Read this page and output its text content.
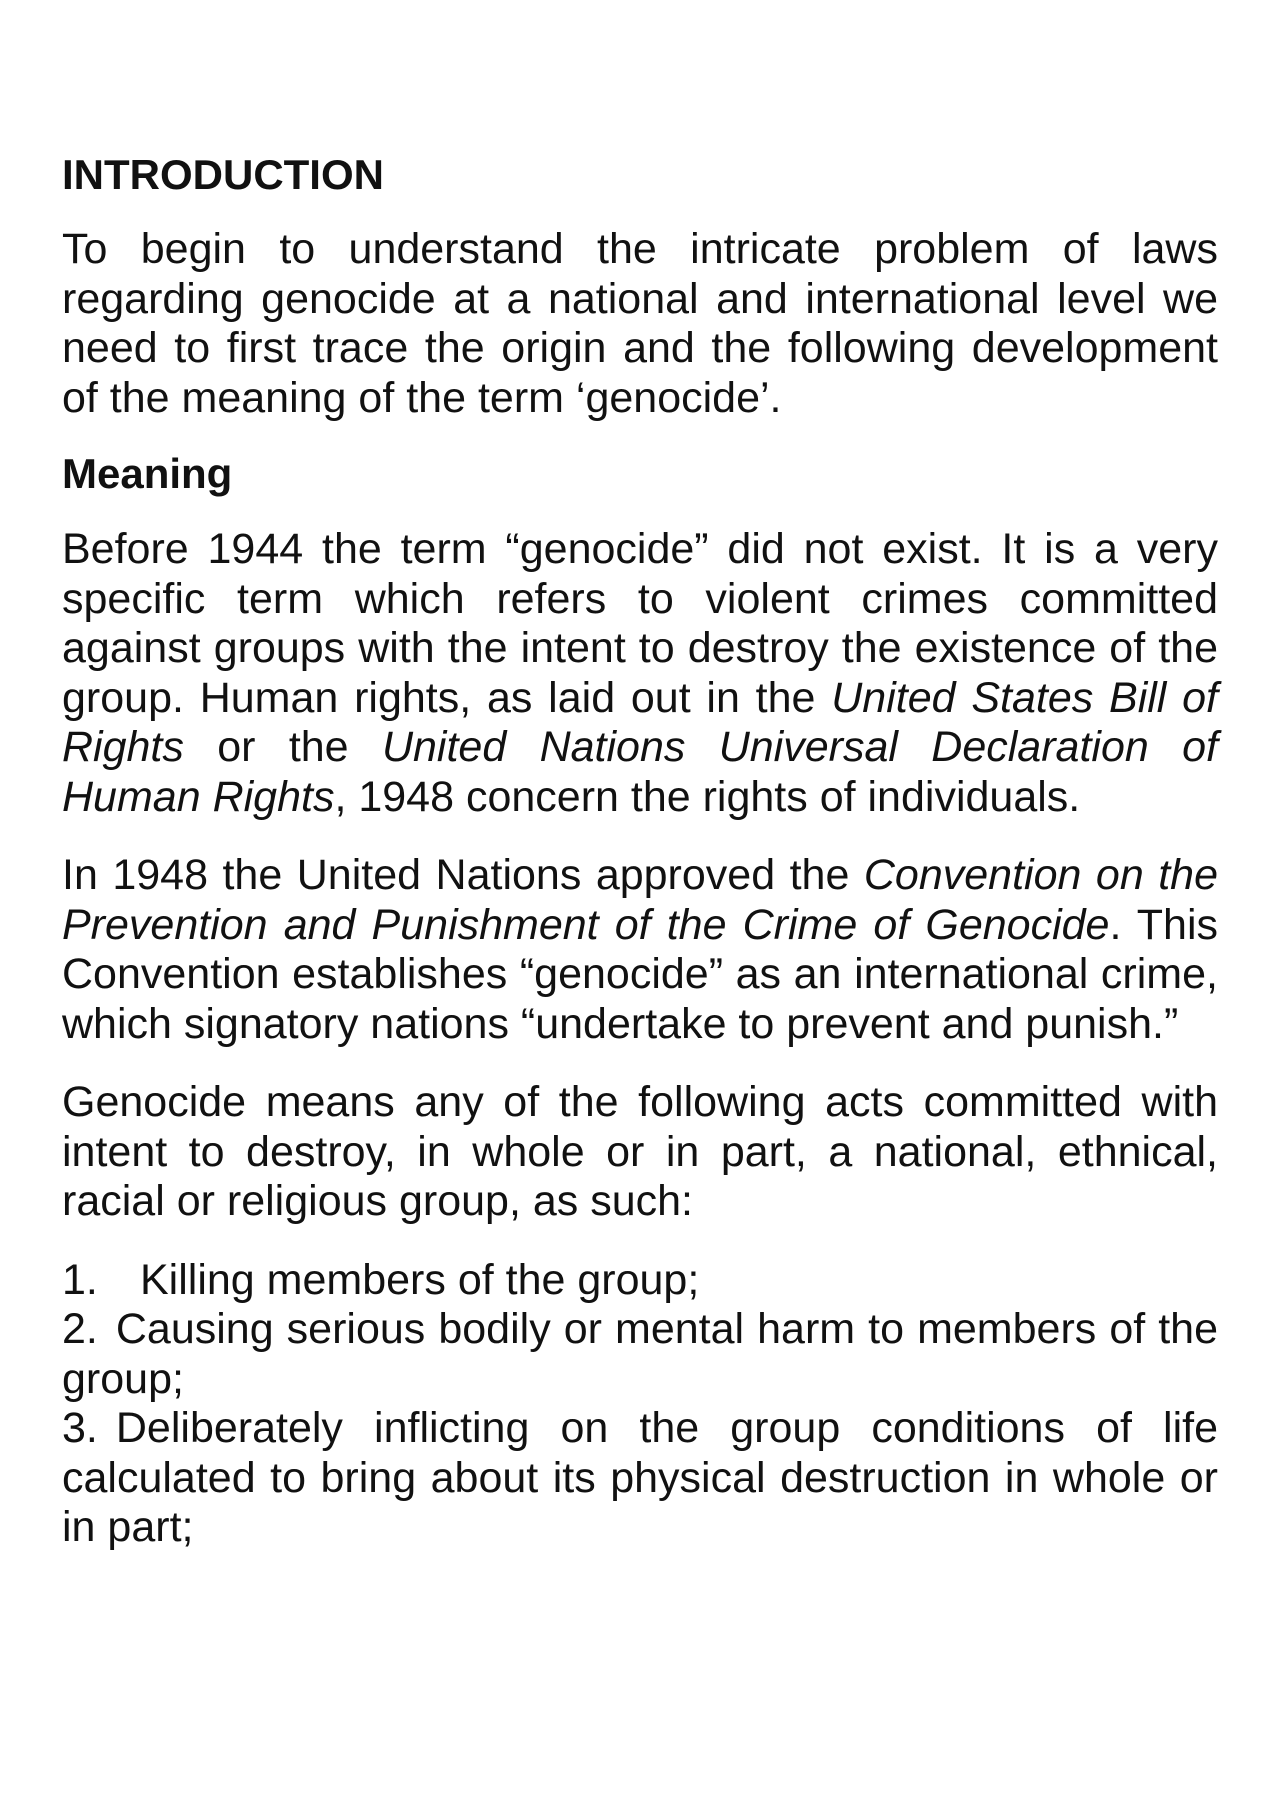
INTRODUCTION

To begin to understand the intricate problem of laws regarding genocide at a national and international level we need to first trace the origin and the following development of the meaning of the term ‘genocide’.

Meaning

Before 1944 the term “genocide” did not exist. It is a very specific term which refers to violent crimes committed against groups with the intent to destroy the existence of the group. Human rights, as laid out in the United States Bill of Rights or the United Nations Universal Declaration of Human Rights, 1948 concern the rights of individuals.

In 1948 the United Nations approved the Convention on the Prevention and Punishment of the Crime of Genocide. This Convention establishes “genocide” as an international crime, which signatory nations “undertake to prevent and punish.”

Genocide means any of the following acts committed with intent to destroy, in whole or in part, a national, ethnical, racial or religious group, as such:

1. Killing members of the group;
2. Causing serious bodily or mental harm to members of the group;
3. Deliberately inflicting on the group conditions of life calculated to bring about its physical destruction in whole or in part;
